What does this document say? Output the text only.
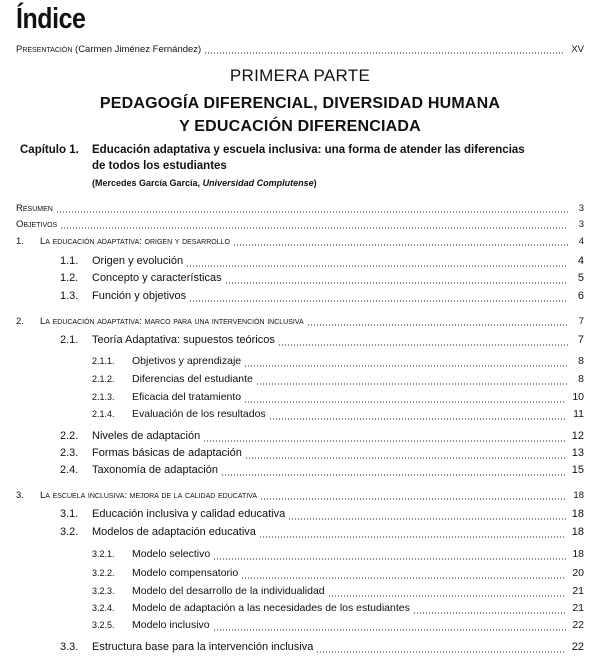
Índice
Presentación (Carmen Jiménez Fernández)	XV
PRIMERA PARTE
PEDAGOGÍA DIFERENCIAL, DIVERSIDAD HUMANA
Y EDUCACIÓN DIFERENCIADA
Capítulo 1. Educación adaptativa y escuela inclusiva: una forma de atender las diferencias
de todos los estudiantes
(Mercedes García García, Universidad Complutense)
Resumen	3
Objetivos	3
1. La educación adaptativa: origen y desarrollo	4
1.1. Origen y evolución	4
1.2. Concepto y características	5
1.3. Función y objetivos	6
2. La educación adaptativa: marco para una intervención inclusiva	7
2.1. Teoría Adaptativa: supuestos teóricos	7
2.1.1. Objetivos y aprendizaje	8
2.1.2. Diferencias del estudiante	8
2.1.3. Eficacia del tratamiento	10
2.1.4. Evaluación de los resultados	11
2.2. Niveles de adaptación	12
2.3. Formas básicas de adaptación	13
2.4. Taxonomía de adaptación	15
3. La escuela inclusiva: mejora de la calidad educativa	18
3.1. Educación inclusiva y calidad educativa	18
3.2. Modelos de adaptación educativa	18
3.2.1. Modelo selectivo	18
3.2.2. Modelo compensatorio	20
3.2.3. Modelo del desarrollo de la individualidad	21
3.2.4. Modelo de adaptación a las necesidades de los estudiantes	21
3.2.5. Modelo inclusivo	22
3.3. Estructura base para la intervención inclusiva	22
